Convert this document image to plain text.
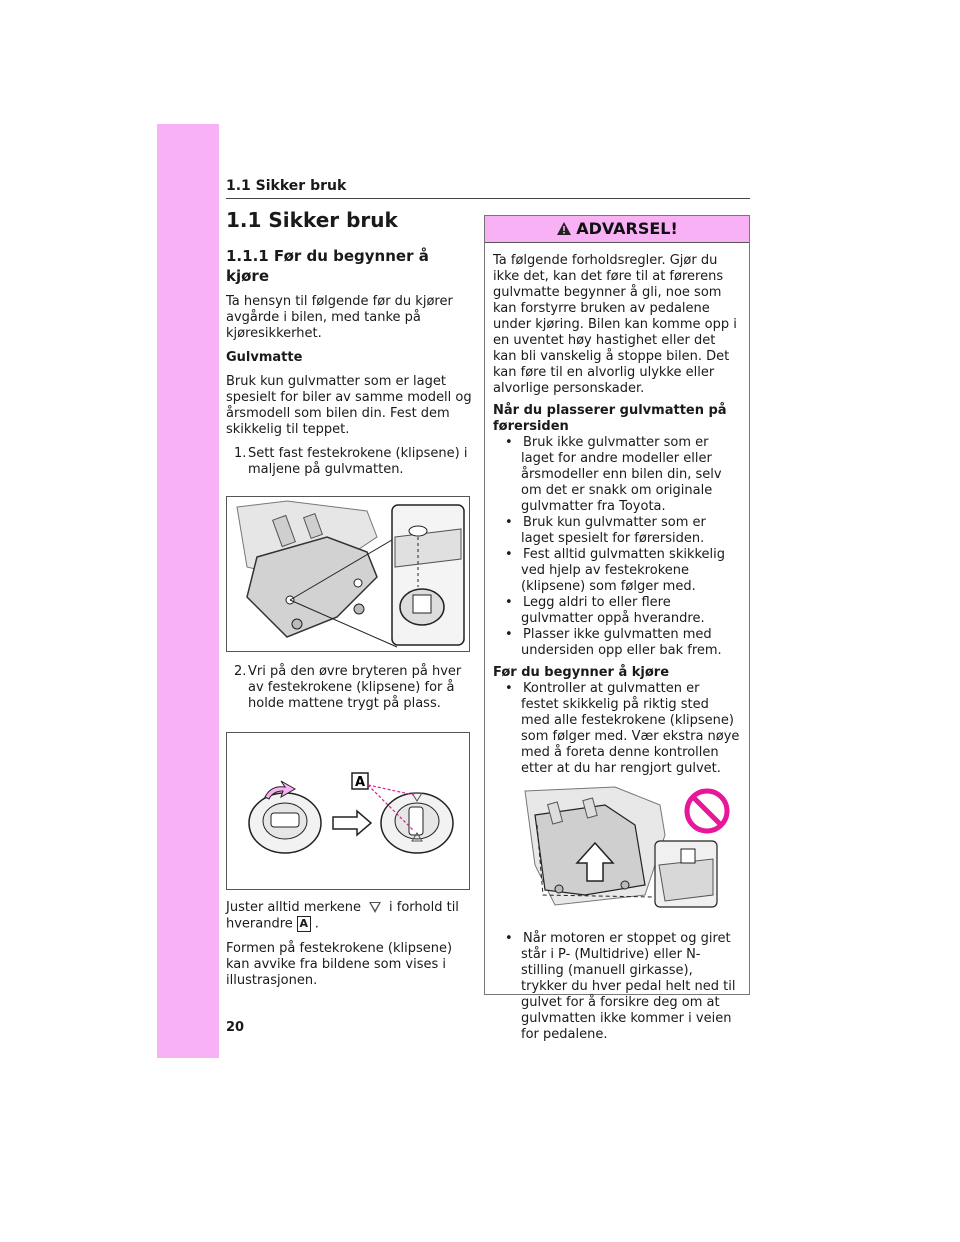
1.1 Sikker bruk
1.1 Sikker bruk
1.1.1 Før du begynner å kjøre
Ta hensyn til følgende før du kjører avgårde i bilen, med tanke på kjøresikkerhet.
Gulvmatte
Bruk kun gulvmatter som er laget spesielt for biler av samme modell og årsmodell som bilen din. Fest dem skikkelig til teppet.
1. Sett fast festekrokene (klipsene) i maljene på gulvmatten.
2. Vri på den øvre bryteren på hver av festekrokene (klipsene) for å holde mattene trygt på plass.
A
Juster alltid merkene i forhold til
hverandre A .
Formen på festekrokene (klipsene) kan avvike fra bildene som vises i illustrasjonen.
ADVARSEL!
Ta følgende forholdsregler. Gjør du ikke det, kan det føre til at førerens gulvmatte begynner å gli, noe som kan forstyrre bruken av pedalene under kjøring. Bilen kan komme opp i en uventet høy hastighet eller det kan bli vanskelig å stoppe bilen. Det kan føre til en alvorlig ulykke eller alvorlige personskader.
Når du plasserer gulvmatten på førersiden
• Bruk ikke gulvmatter som er laget for andre modeller eller årsmodeller enn bilen din, selv om det er snakk om originale gulvmatter fra Toyota.
• Bruk kun gulvmatter som er laget spesielt for førersiden.
• Fest alltid gulvmatten skikkelig ved hjelp av festekrokene (klipsene) som følger med.
• Legg aldri to eller flere gulvmatter oppå hverandre.
• Plasser ikke gulvmatten med undersiden opp eller bak frem.
Før du begynner å kjøre
• Kontroller at gulvmatten er festet skikkelig på riktig sted med alle festekrokene (klipsene) som følger med. Vær ekstra nøye med å foreta denne kontrollen etter at du har rengjort gulvet.
• Når motoren er stoppet og giret står i P- (Multidrive) eller N-stilling (manuell girkasse), trykker du hver pedal helt ned til gulvet for å forsikre deg om at gulvmatten ikke kommer i veien for pedalene.
20
